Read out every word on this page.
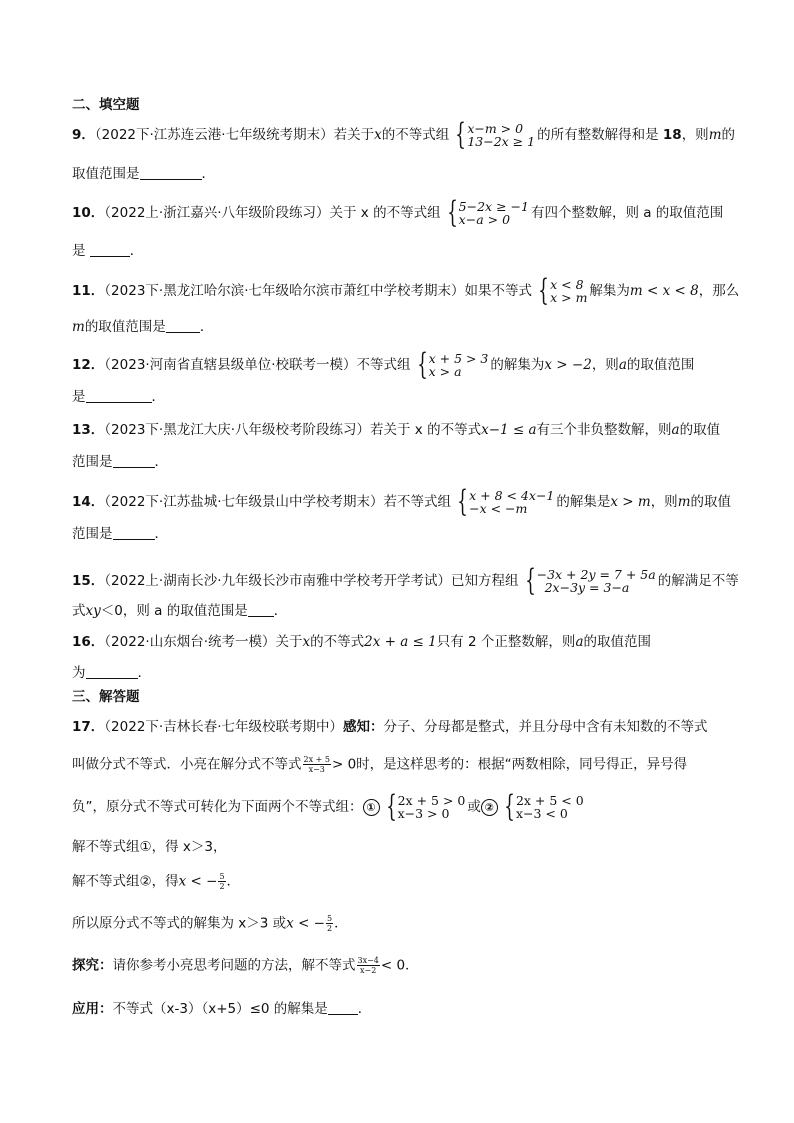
二、填空题
9．（2022下·江苏连云港·七年级统考期末）若关于x的不等式组 { x−m > 0
13−2x ≥ 1 的所有整数解得和是 18，则m的
取值范围是	．
10．（2022上·浙江嘉兴·八年级阶段练习）关于 x 的不等式组 { 5−2x ≥ −1
x−a > 0	有四个整数解，则 a 的取值范围
是	．
11．（2023下·黑龙江哈尔滨·七年级哈尔滨市萧红中学校考期末）如果不等式 { x < 8
x > m 解集为m < x < 8，那么
m的取值范围是	．
12．（2023·河南省直辖县级单位·校联考一模）不等式组 { x + 5 > 3
x > a	的解集为x > −2，则a的取值范围
是	．
13．（2023下·黑龙江大庆·八年级校考阶段练习）若关于 x 的不等式x−1 ≤ a有三个非负整数解，则a的取值
范围是	．
14．（2022下·江苏盐城·七年级景山中学校考期末）若不等式组 { x + 8 < 4x−1
−x < −m	的解集是x > m，则m的取值
范围是	．
15．（2022上·湖南长沙·九年级长沙市南雅中学校考开学考试）已知方程组 { −3x + 2y = 7 + 5a
2x−3y = 3−a	的解满足不等
式xy＜0，则 a 的取值范围是 ．
16．（2022·山东烟台·统考一模）关于x的不等式2x + a ≤ 1只有 2 个正整数解，则a的取值范围
为	．
三、解答题
17．（2022下·吉林长春·七年级校联考期中）感知：分子、分母都是整式，并且分母中含有未知数的不等式
叫做分式不等式．小亮在解分式不等式 $\frac{2x + 5}{x-3} > 0$时，是这样思考的：根据“两数相除，同号得正，异号得
负”，原分式不等式可转化为下面两个不等式组： ① { 2x + 5 > 0
x−3 > 0	或 ② { 2x + 5 < 0
x−3 < 0
解不等式组①，得 x＞3，
解不等式组②，得x < − $\frac{5}{2}$ ．
所以原分式不等式的解集为 x＞3 或x < − $\frac{5}{2}$ ．
探究：请你参考小亮思考问题的方法，解不等式 $\frac{3x-4}{x-2} < 0$．
应用：不等式（x-3）（x+5）≤0 的解集是 ．
